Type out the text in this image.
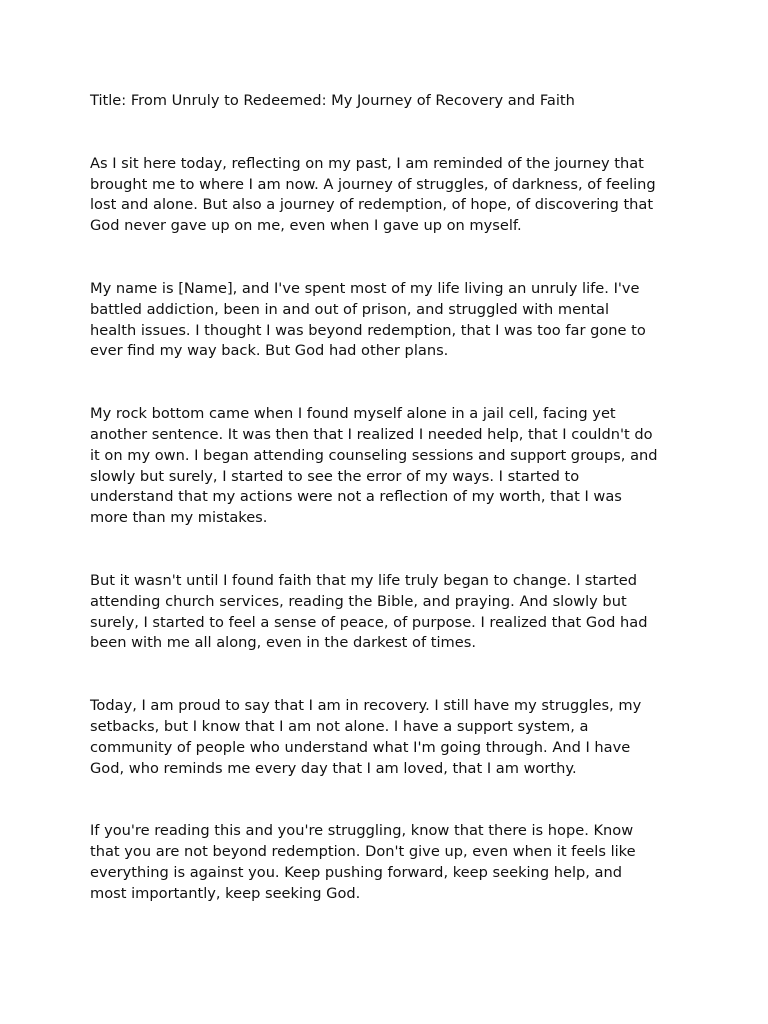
Title: From Unruly to Redeemed: My Journey of Recovery and Faith

As I sit here today, reflecting on my past, I am reminded of the journey that
brought me to where I am now. A journey of struggles, of darkness, of feeling
lost and alone. But also a journey of redemption, of hope, of discovering that
God never gave up on me, even when I gave up on myself.

My name is [Name], and I've spent most of my life living an unruly life. I've
battled addiction, been in and out of prison, and struggled with mental
health issues. I thought I was beyond redemption, that I was too far gone to
ever find my way back. But God had other plans.

My rock bottom came when I found myself alone in a jail cell, facing yet
another sentence. It was then that I realized I needed help, that I couldn't do
it on my own. I began attending counseling sessions and support groups, and
slowly but surely, I started to see the error of my ways. I started to
understand that my actions were not a reflection of my worth, that I was
more than my mistakes.

But it wasn't until I found faith that my life truly began to change. I started
attending church services, reading the Bible, and praying. And slowly but
surely, I started to feel a sense of peace, of purpose. I realized that God had
been with me all along, even in the darkest of times.

Today, I am proud to say that I am in recovery. I still have my struggles, my
setbacks, but I know that I am not alone. I have a support system, a
community of people who understand what I'm going through. And I have
God, who reminds me every day that I am loved, that I am worthy.

If you're reading this and you're struggling, know that there is hope. Know
that you are not beyond redemption. Don't give up, even when it feels like
everything is against you. Keep pushing forward, keep seeking help, and
most importantly, keep seeking God.
